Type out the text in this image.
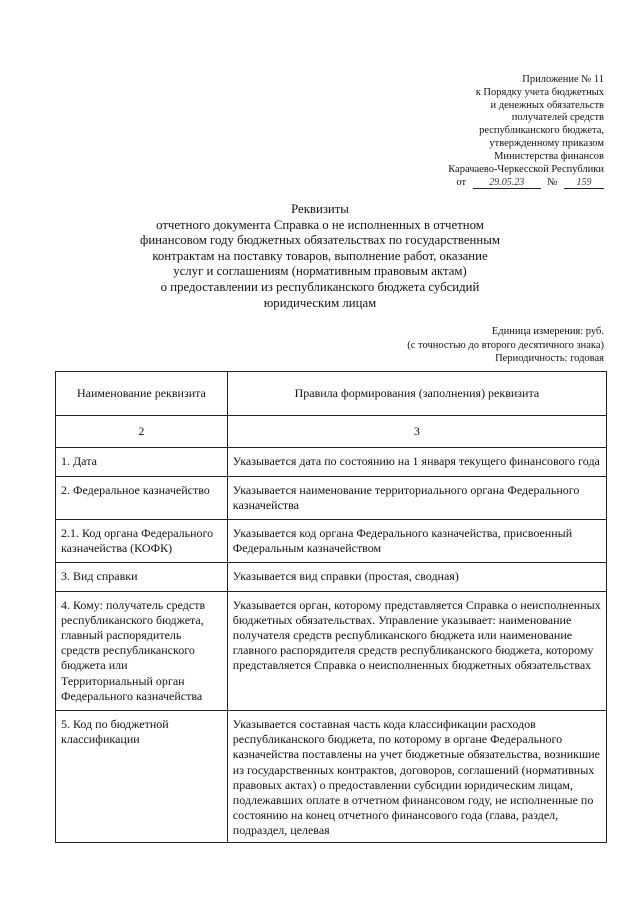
Приложение № 11
к Порядку учета бюджетных
и денежных обязательств
получателей средств
республиканского бюджета,
утвержденному приказом
Министерства финансов
Карачаево-Черкесской Республики
от 29.05.23 № 159
Реквизиты
отчетного документа Справка о не исполненных в отчетном
финансовом году бюджетных обязательствах по государственным
контрактам на поставку товаров, выполнение работ, оказание
услуг и соглашениям (нормативным правовым актам)
о предоставлении из республиканского бюджета субсидий
юридическим лицам
Единица измерения: руб.
(с точностью до второго десятичного знака)
Периодичность: годовая
Наименование реквизита	Правила формирования (заполнения) реквизита
2	3
1. Дата	Указывается дата по состоянию на 1 января текущего финансового года
2. Федеральное казначейство	Указывается наименование территориального органа Федерального казначейства
2.1. Код органа Федерального казначейства (КОФК)	Указывается код органа Федерального казначейства, присвоенный Федеральным казначейством
3. Вид справки	Указывается вид справки (простая, сводная)
4. Кому: получатель средств республиканского бюджета, главный распорядитель средств республиканского бюджета или Территориальный орган Федерального казначейства	Указывается орган, которому представляется Справка о неисполненных бюджетных обязательствах. Управление указывает: наименование получателя средств республиканского бюджета или наименование главного распорядителя средств республиканского бюджета, которому представляется Справка о неисполненных бюджетных обязательствах
5. Код по бюджетной классификации	Указывается составная часть кода классификации расходов республиканского бюджета, по которому в органе Федерального казначейства поставлены на учет бюджетные обязательства, возникшие из государственных контрактов, договоров, соглашений (нормативных правовых актах) о предоставлении субсидии юридическим лицам, подлежавших оплате в отчетном финансовом году, не исполненные по состоянию на конец отчетного финансового года (глава, раздел, подраздел, целевая
